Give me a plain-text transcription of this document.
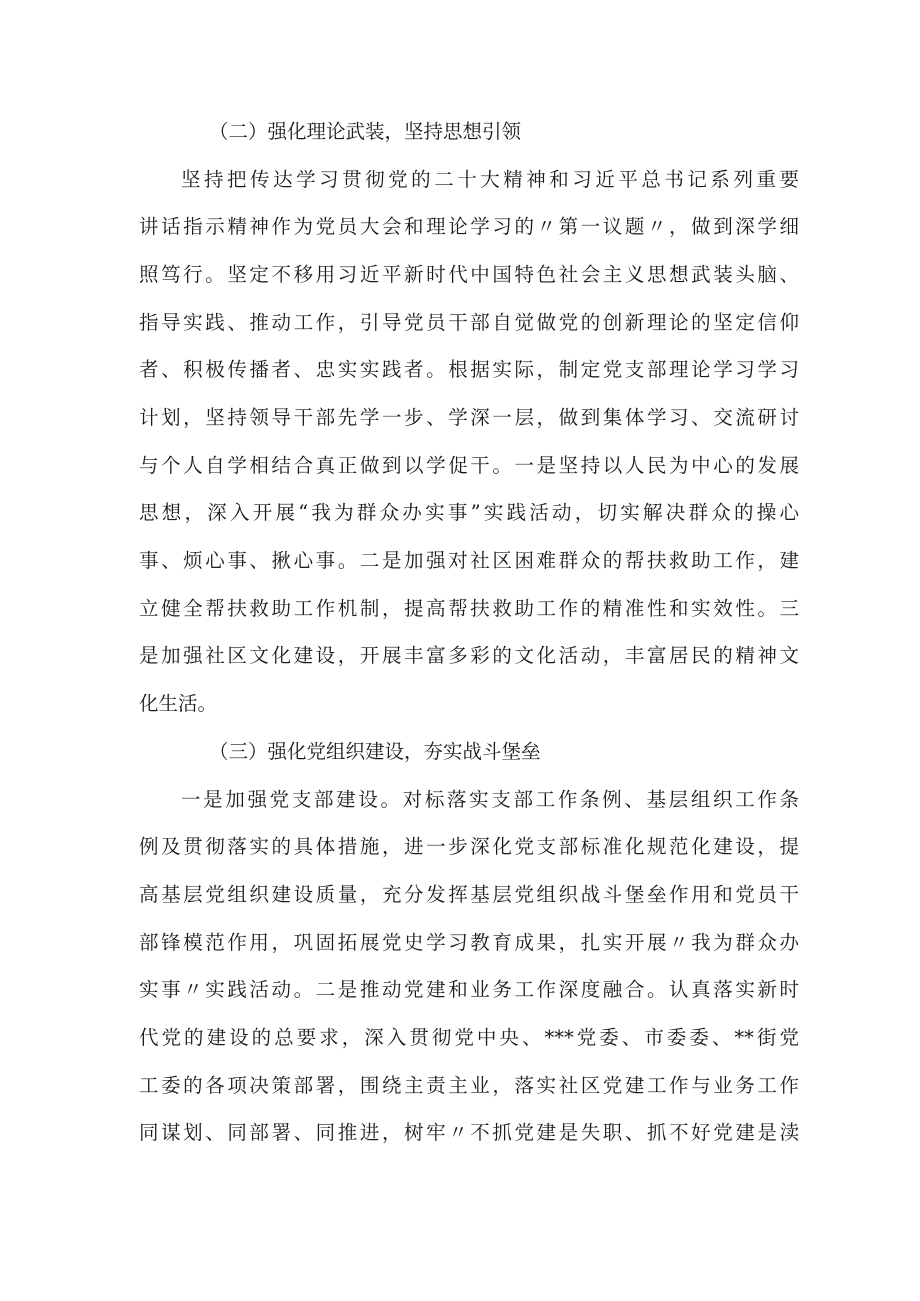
（二）强化理论武装，坚持思想引领
坚持把传达学习贯彻党的二十大精神和习近平总书记系列重要
讲话指示精神作为党员大会和理论学习的〃第一议题〃，做到深学细
照笃行。坚定不移用习近平新时代中国特色社会主义思想武装头脑、
指导实践、推动工作，引导党员干部自觉做党的创新理论的坚定信仰
者、积极传播者、忠实实践者。根据实际，制定党支部理论学习学习
计划，坚持领导干部先学一步、学深一层，做到集体学习、交流研讨
与个人自学相结合真正做到以学促干。一是坚持以人民为中心的发展
思想，深入开展“我为群众办实事”实践活动，切实解决群众的操心
事、烦心事、揪心事。二是加强对社区困难群众的帮扶救助工作，建
立健全帮扶救助工作机制，提高帮扶救助工作的精准性和实效性。三
是加强社区文化建设，开展丰富多彩的文化活动，丰富居民的精神文
化生活。
（三）强化党组织建设，夯实战斗堡垒
一是加强党支部建设。对标落实支部工作条例、基层组织工作条
例及贯彻落实的具体措施，进一步深化党支部标准化规范化建设，提
高基层党组织建设质量，充分发挥基层党组织战斗堡垒作用和党员干
部锋模范作用，巩固拓展党史学习教育成果，扎实开展〃我为群众办
实事〃实践活动。二是推动党建和业务工作深度融合。认真落实新时
代党的建设的总要求，深入贯彻党中央、***党委、市委委、**街党
工委的各项决策部署，围绕主责主业，落实社区党建工作与业务工作
同谋划、同部署、同推进，树牢〃不抓党建是失职、抓不好党建是渎
